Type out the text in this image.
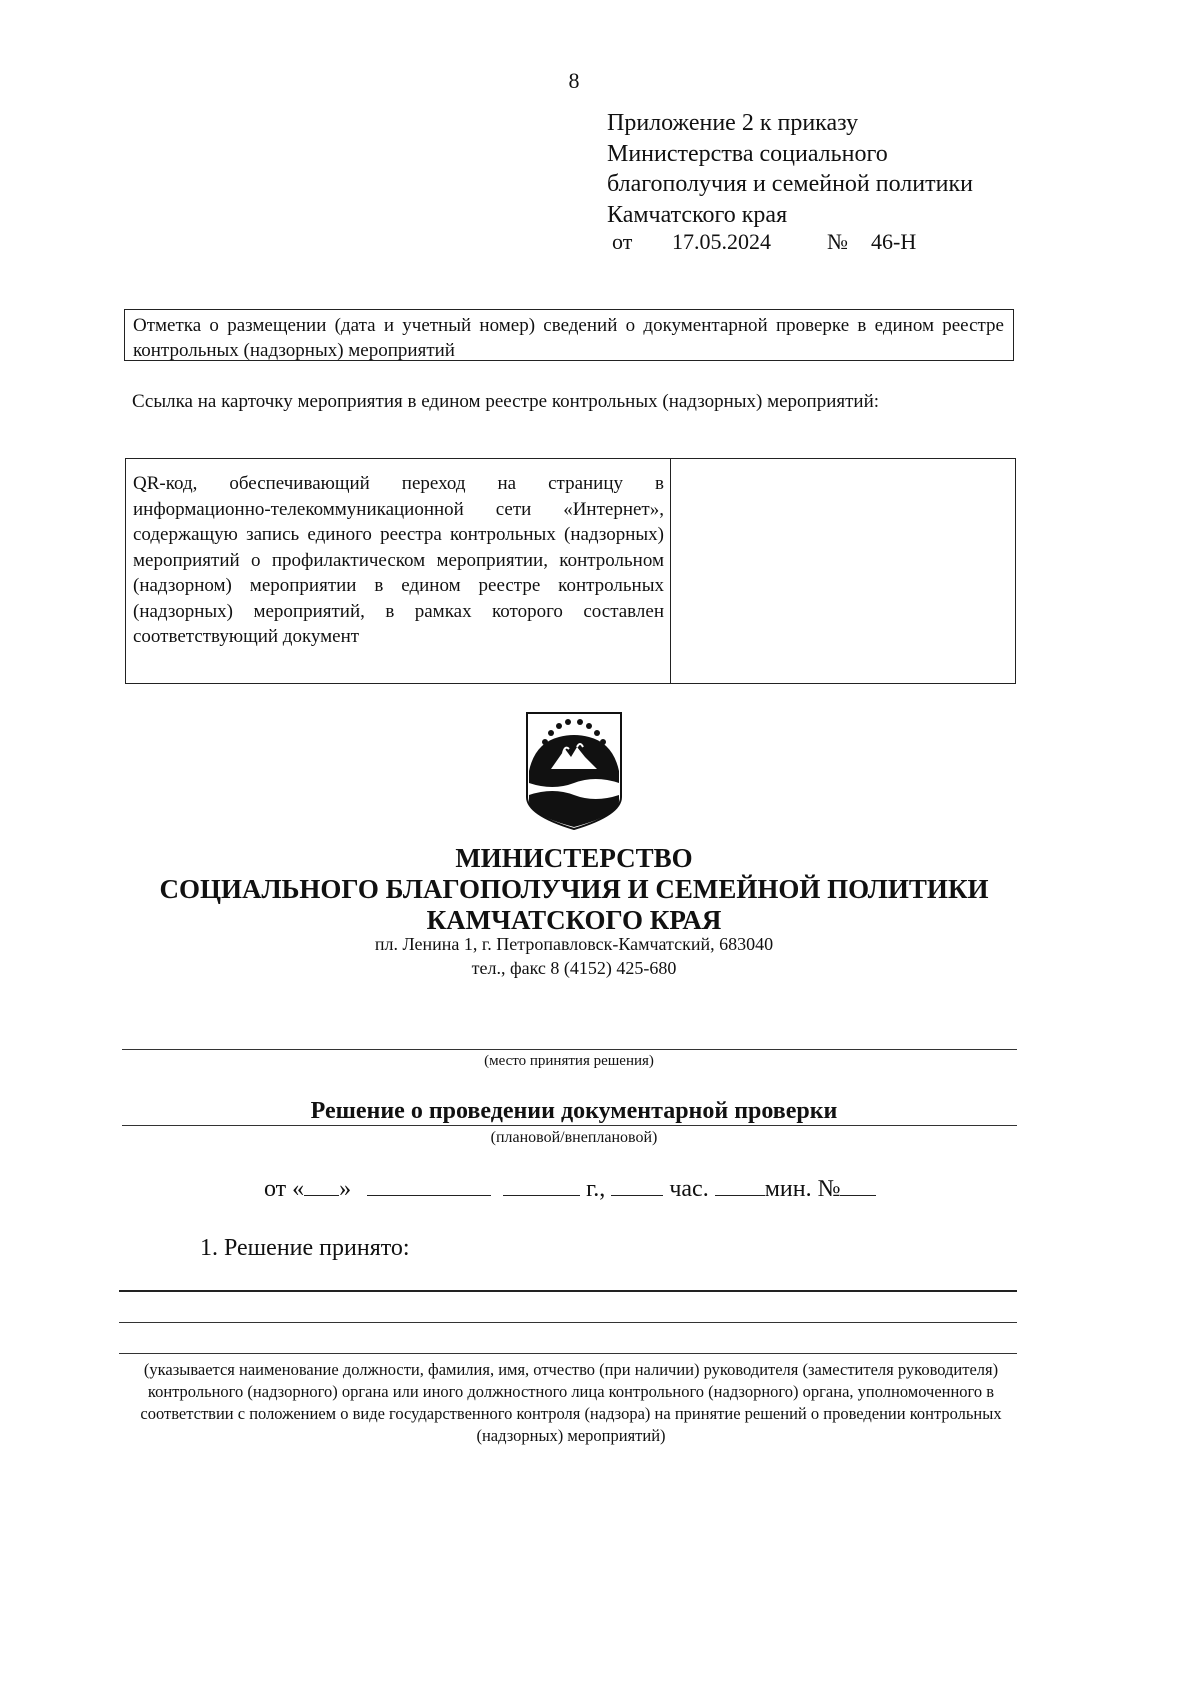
8
Приложение 2 к приказу
Министерства социального
благополучия и семейной политики
Камчатского края
от 17.05.2024	№ 46-Н
Отметка о размещении (дата и учетный номер) сведений о документарной проверке в едином реестре контрольных (надзорных) мероприятий
Ссылка на карточку мероприятия в едином реестре контрольных (надзорных) мероприятий:
QR-код, обеспечивающий переход на страницу в информационно-телекоммуникационной сети «Интернет», содержащую запись единого реестра контрольных (надзорных) мероприятий о профилактическом мероприятии, контрольном (надзорном) мероприятии в едином реестре контрольных (надзорных) мероприятий, в рамках которого составлен соответствующий документ
МИНИСТЕРСТВО
СОЦИАЛЬНОГО БЛАГОПОЛУЧИЯ И СЕМЕЙНОЙ ПОЛИТИКИ
КАМЧАТСКОГО КРАЯ
пл. Ленина 1, г. Петропавловск-Камчатский, 683040
тел., факс 8 (4152) 425-680
(место принятия решения)
Решение о проведении документарной проверки
(плановой/внеплановой)
от « »	г.,	час. мин. №
1. Решение принято:
(указывается наименование должности, фамилия, имя, отчество (при наличии) руководителя (заместителя руководителя) контрольного (надзорного) органа или иного должностного лица контрольного (надзорного) органа, уполномоченного в соответствии с положением о виде государственного контроля (надзора) на принятие решений о проведении контрольных (надзорных) мероприятий)
